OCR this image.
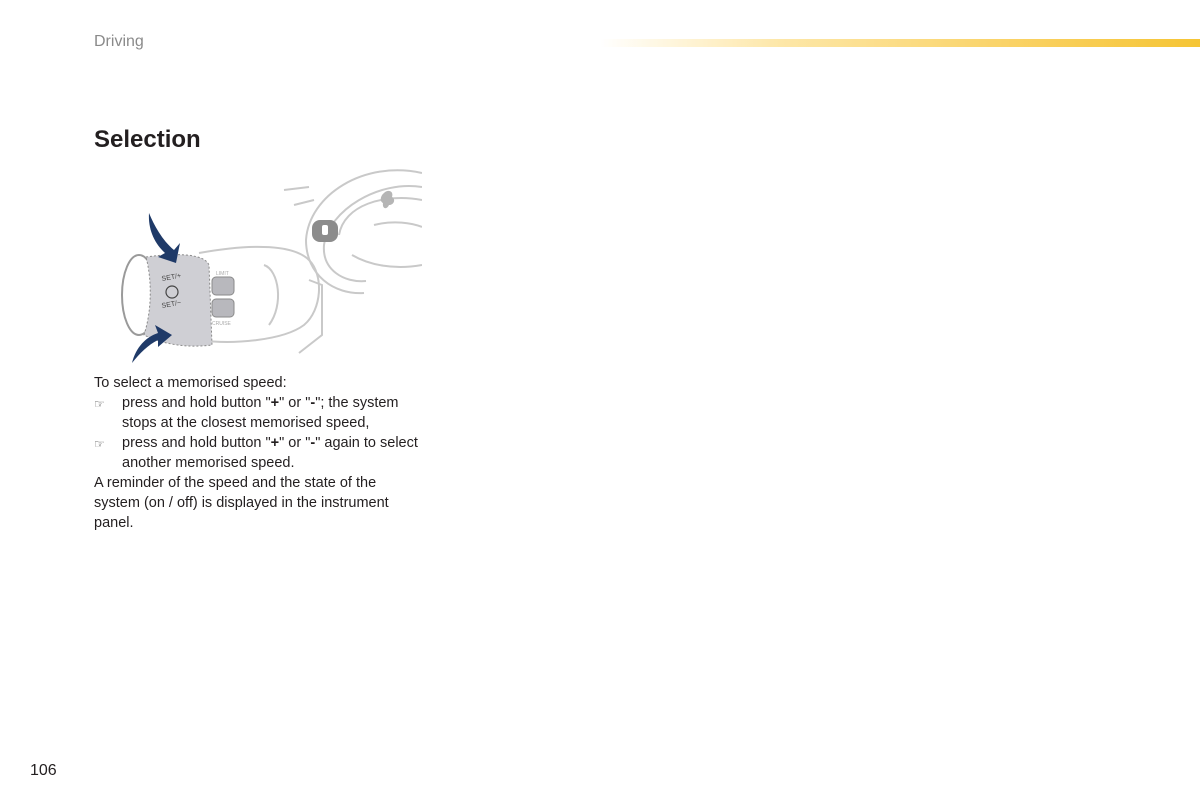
Driving
Selection
SET/+
SET/−
LIMIT
CRUISE

To select a memorised speed:

☞	press and hold button "+" or "-"; the system stops at the closest memorised speed,
☞	press and hold button "+" or "-" again to select another memorised speed.

A reminder of the speed and the state of the system (on / off) is displayed in the instrument panel.

106
